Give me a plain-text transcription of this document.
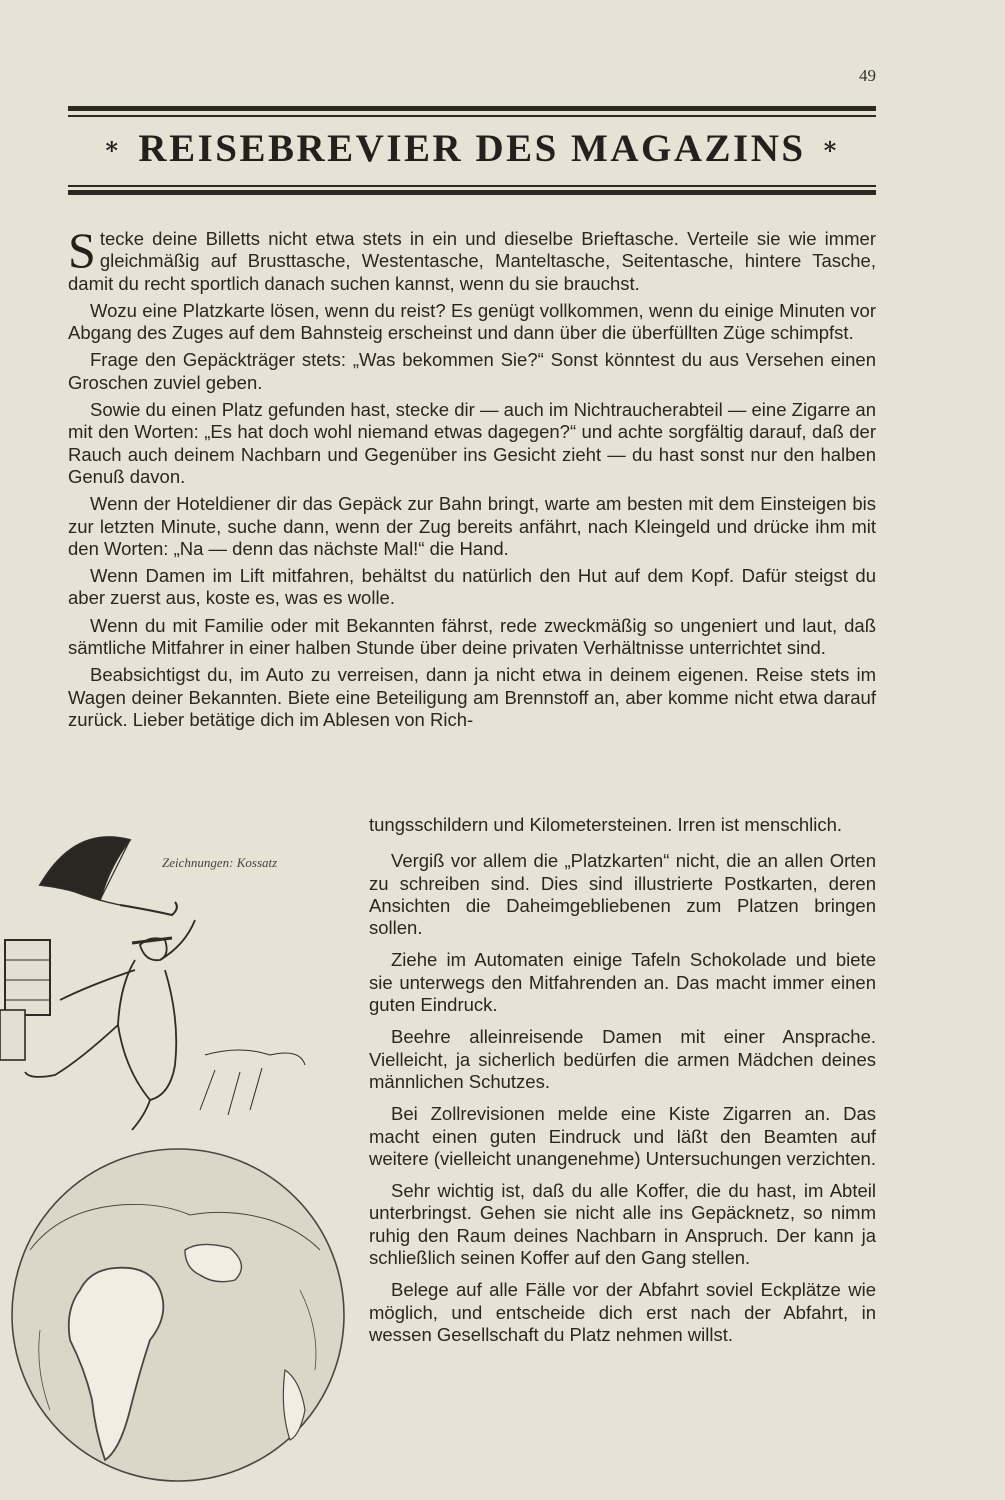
49
∗ REISEBREVIER DES MAGAZINS ∗

Stecke deine Billetts nicht etwa stets in ein und dieselbe Brieftasche. Verteile sie wie immer gleichmäßig auf Brusttasche, Westentasche, Manteltasche, Seitentasche, hintere Tasche, damit du recht sportlich danach suchen kannst, wenn du sie brauchst.

Wozu eine Platzkarte lösen, wenn du reist? Es genügt vollkommen, wenn du einige Minuten vor Abgang des Zuges auf dem Bahnsteig erscheinst und dann über die überfüllten Züge schimpfst.

Frage den Gepäckträger stets: „Was bekommen Sie?“ Sonst könntest du aus Versehen einen Groschen zuviel geben.

Sowie du einen Platz gefunden hast, stecke dir — auch im Nichtraucherabteil — eine Zigarre an mit den Worten: „Es hat doch wohl niemand etwas dagegen?“ und achte sorgfältig darauf, daß der Rauch auch deinem Nachbarn und Gegenüber ins Gesicht zieht — du hast sonst nur den halben Genuß davon.

Wenn der Hoteldiener dir das Gepäck zur Bahn bringt, warte am besten mit dem Einsteigen bis zur letzten Minute, suche dann, wenn der Zug bereits anfährt, nach Kleingeld und drücke ihm mit den Worten: „Na — denn das nächste Mal!“ die Hand.

Wenn Damen im Lift mitfahren, behältst du natürlich den Hut auf dem Kopf. Dafür steigst du aber zuerst aus, koste es, was es wolle.

Wenn du mit Familie oder mit Bekannten fährst, rede zweckmäßig so ungeniert und laut, daß sämtliche Mitfahrer in einer halben Stunde über deine privaten Verhältnisse unterrichtet sind.

Beabsichtigst du, im Auto zu verreisen, dann ja nicht etwa in deinem eigenen. Reise stets im Wagen deiner Bekannten. Biete eine Beteiligung am Brennstoff an, aber komme nicht etwa darauf zurück. Lieber betätige dich im Ablesen von Rich-

tungsschildern und Kilometersteinen. Irren ist menschlich.

Vergiß vor allem die „Platzkarten“ nicht, die an allen Orten zu schreiben sind. Dies sind illustrierte Postkarten, deren Ansichten die Daheimgebliebenen zum Platzen bringen sollen.

Ziehe im Automaten einige Tafeln Schokolade und biete sie unterwegs den Mitfahrenden an. Das macht immer einen guten Eindruck.

Beehre alleinreisende Damen mit einer Ansprache. Vielleicht, ja sicherlich bedürfen die armen Mädchen deines männlichen Schutzes.

Bei Zollrevisionen melde eine Kiste Zigarren an. Das macht einen guten Eindruck und läßt den Beamten auf weitere (vielleicht unangenehme) Untersuchungen verzichten.

Sehr wichtig ist, daß du alle Koffer, die du hast, im Abteil unterbringst. Gehen sie nicht alle ins Gepäcknetz, so nimm ruhig den Raum deines Nachbarn in Anspruch. Der kann ja schließlich seinen Koffer auf den Gang stellen.

Belege auf alle Fälle vor der Abfahrt soviel Eckplätze wie möglich, und entscheide dich erst nach der Abfahrt, in wessen Gesellschaft du Platz nehmen willst.

Zeichnungen: Kossatz
